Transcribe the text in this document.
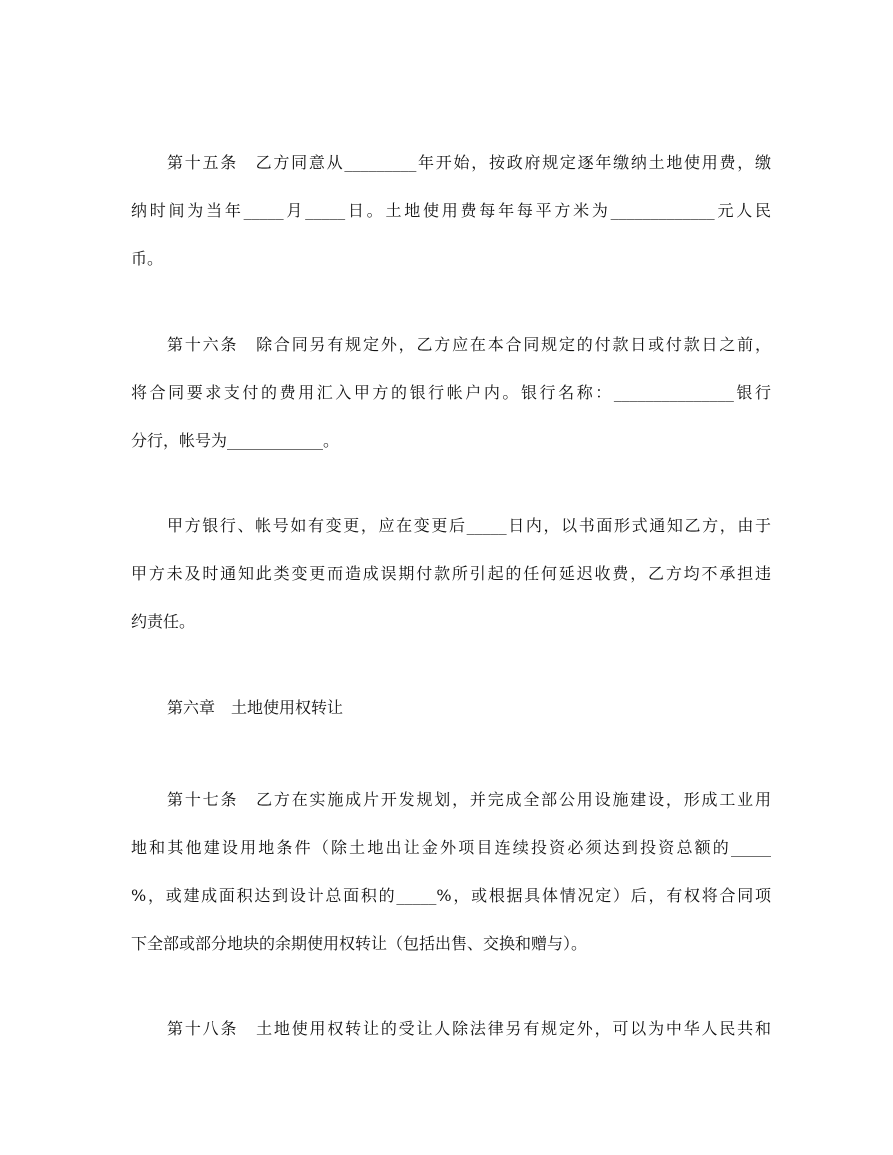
第十五条　乙方同意从_________年开始，按政府规定逐年缴纳土地使用费，缴
纳时间为当年_____月_____日。土地使用费每年每平方米为_____________元人民
币。
第十六条　除合同另有规定外，乙方应在本合同规定的付款日或付款日之前，
将合同要求支付的费用汇入甲方的银行帐户内。银行名称：_______________银行
分行，帐号为____________。
甲方银行、帐号如有变更，应在变更后_____日内，以书面形式通知乙方，由于
甲方未及时通知此类变更而造成误期付款所引起的任何延迟收费，乙方均不承担违
约责任。
第六章　土地使用权转让
第十七条　乙方在实施成片开发规划，并完成全部公用设施建设，形成工业用
地和其他建设用地条件（除土地出让金外项目连续投资必须达到投资总额的_____
%，或建成面积达到设计总面积的_____%，或根据具体情况定）后，有权将合同项
下全部或部分地块的余期使用权转让（包括出售、交换和赠与）。
第十八条　土地使用权转让的受让人除法律另有规定外，可以为中华人民共和
